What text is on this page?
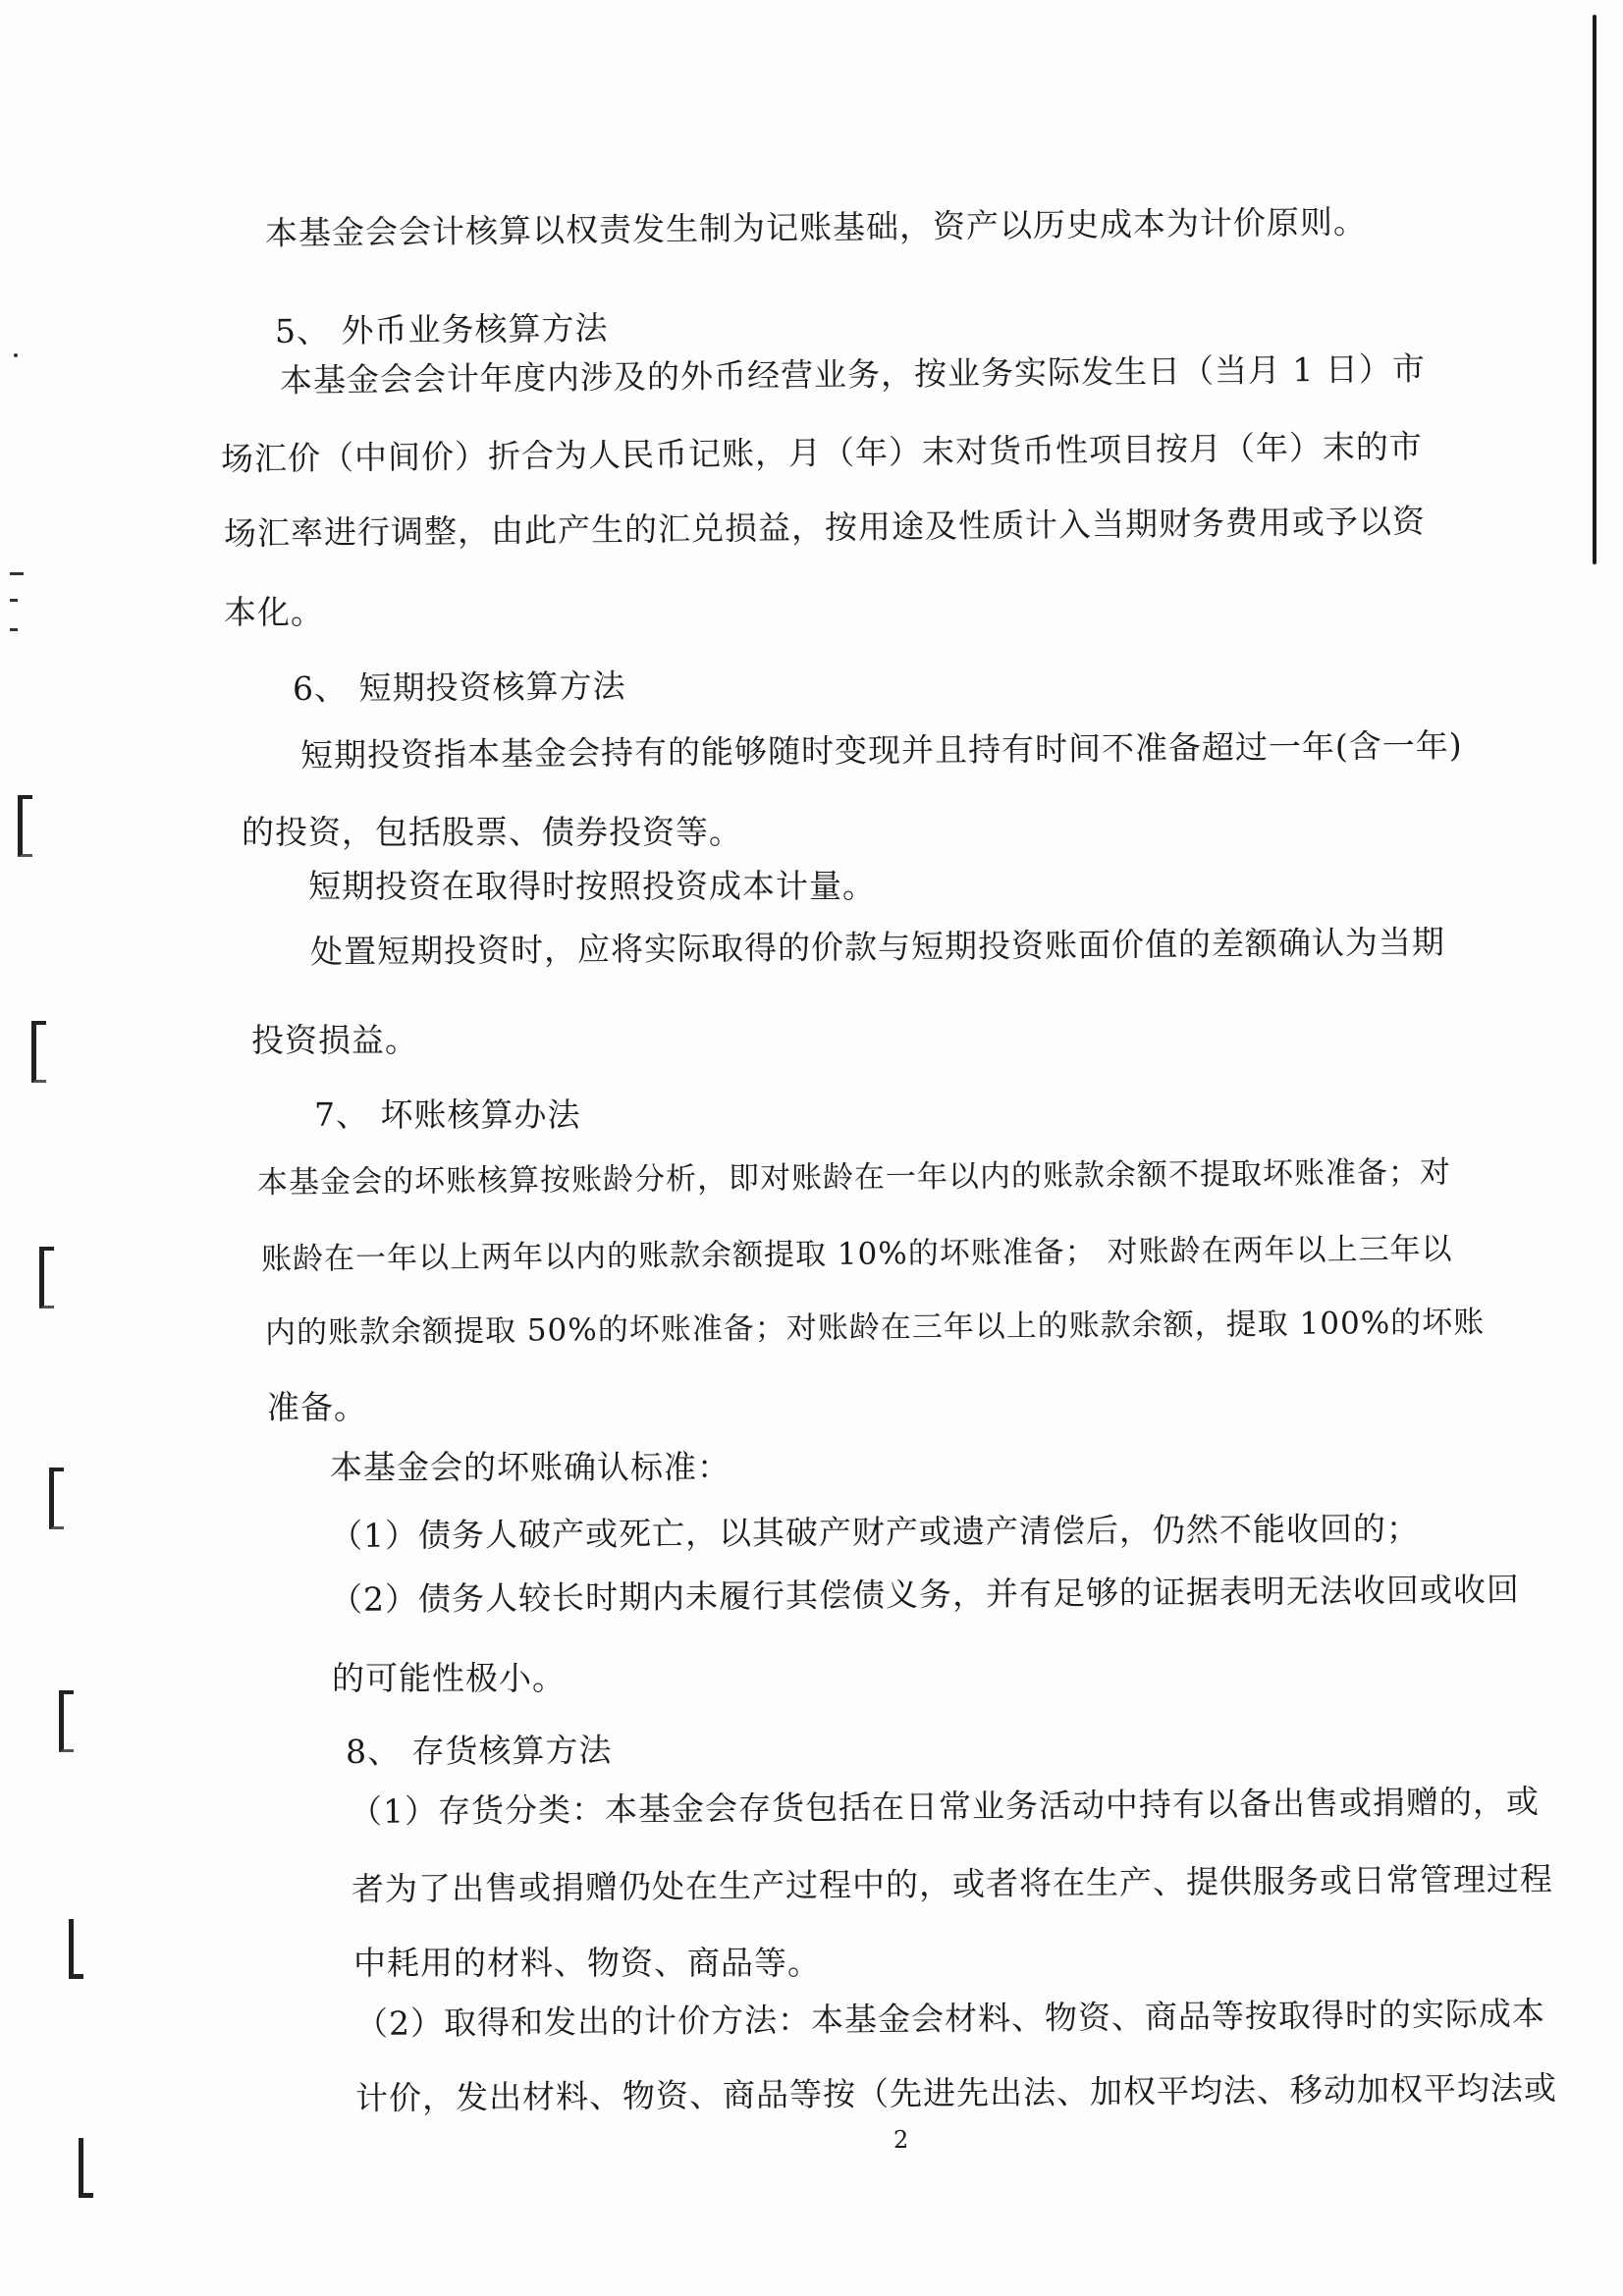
本基金会会计核算以权责发生制为记账基础，资产以历史成本为计价原则。
5、 外币业务核算方法
本基金会会计年度内涉及的外币经营业务，按业务实际发生日（当月 1 日）市
场汇价（中间价）折合为人民币记账，月（年）末对货币性项目按月（年）末的市
场汇率进行调整，由此产生的汇兑损益，按用途及性质计入当期财务费用或予以资
本化。
6、 短期投资核算方法
短期投资指本基金会持有的能够随时变现并且持有时间不准备超过一年(含一年)
的投资，包括股票、债券投资等。
短期投资在取得时按照投资成本计量。
处置短期投资时，应将实际取得的价款与短期投资账面价值的差额确认为当期
投资损益。
7、 坏账核算办法
本基金会的坏账核算按账龄分析，即对账龄在一年以内的账款余额不提取坏账准备；对
账龄在一年以上两年以内的账款余额提取 10%的坏账准备； 对账龄在两年以上三年以
内的账款余额提取 50%的坏账准备；对账龄在三年以上的账款余额，提取 100%的坏账
准备。
本基金会的坏账确认标准：
（1）债务人破产或死亡，以其破产财产或遗产清偿后，仍然不能收回的；
（2）债务人较长时期内未履行其偿债义务，并有足够的证据表明无法收回或收回
的可能性极小。
8、 存货核算方法
（1）存货分类：本基金会存货包括在日常业务活动中持有以备出售或捐赠的，或
者为了出售或捐赠仍处在生产过程中的，或者将在生产、提供服务或日常管理过程
中耗用的材料、物资、商品等。
（2）取得和发出的计价方法：本基金会材料、物资、商品等按取得时的实际成本
计价，发出材料、物资、商品等按（先进先出法、加权平均法、移动加权平均法或
2
